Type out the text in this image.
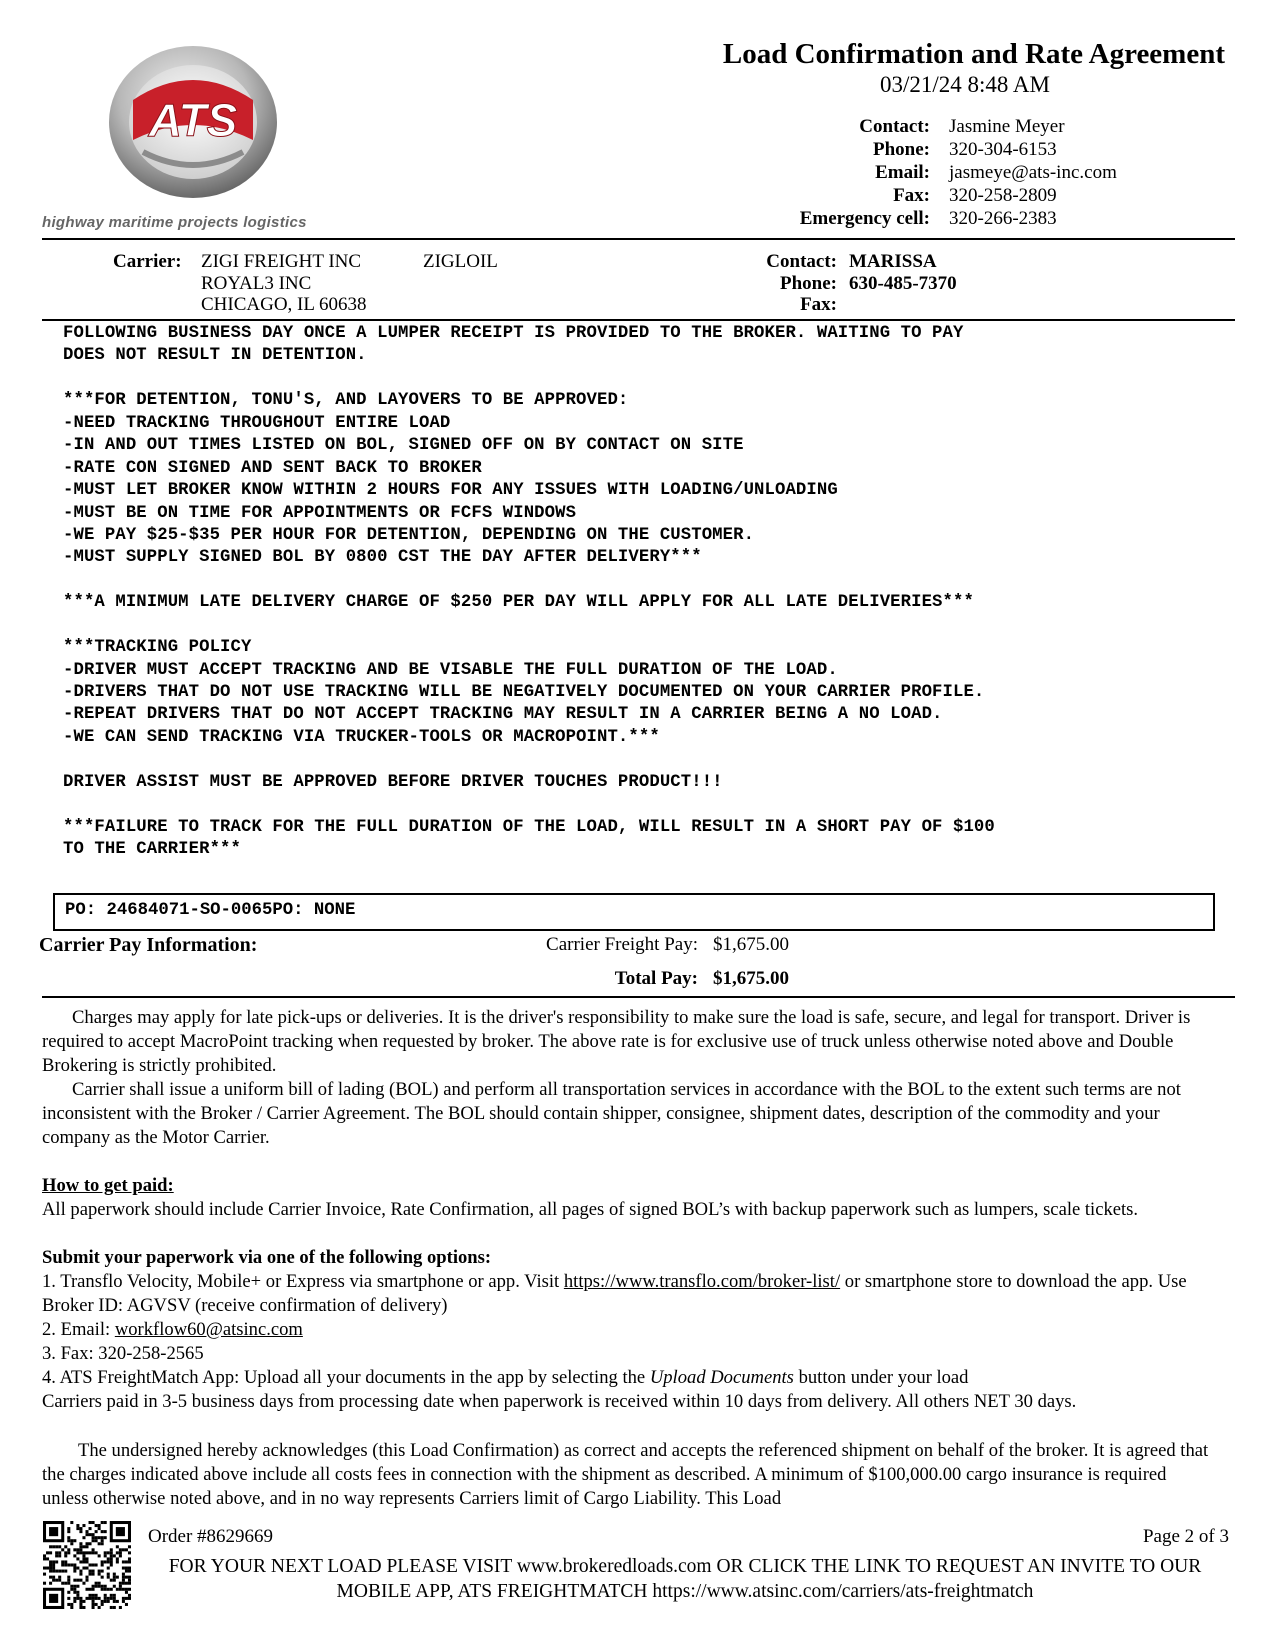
ATS
highway maritime projects logistics
Load Confirmation and Rate Agreement
03/21/24 8:48 AM
Contact: Jasmine Meyer
Phone: 320-304-6153
Email: jasmeye@ats-inc.com
Fax: 320-258-2809
Emergency cell: 320-266-2383
Carrier: ZIGI FREIGHT INC	ZIGLOIL
ROYAL3 INC
CHICAGO, IL 60638
Contact: MARISSA
Phone: 630-485-7370
Fax:
FOLLOWING BUSINESS DAY ONCE A LUMPER RECEIPT IS PROVIDED TO THE BROKER. WAITING TO PAY
DOES NOT RESULT IN DETENTION.

***FOR DETENTION, TONU'S, AND LAYOVERS TO BE APPROVED:
-NEED TRACKING THROUGHOUT ENTIRE LOAD
-IN AND OUT TIMES LISTED ON BOL, SIGNED OFF ON BY CONTACT ON SITE
-RATE CON SIGNED AND SENT BACK TO BROKER
-MUST LET BROKER KNOW WITHIN 2 HOURS FOR ANY ISSUES WITH LOADING/UNLOADING
-MUST BE ON TIME FOR APPOINTMENTS OR FCFS WINDOWS
-WE PAY $25-$35 PER HOUR FOR DETENTION, DEPENDING ON THE CUSTOMER.
-MUST SUPPLY SIGNED BOL BY 0800 CST THE DAY AFTER DELIVERY***

***A MINIMUM LATE DELIVERY CHARGE OF $250 PER DAY WILL APPLY FOR ALL LATE DELIVERIES***

***TRACKING POLICY
-DRIVER MUST ACCEPT TRACKING AND BE VISABLE THE FULL DURATION OF THE LOAD.
-DRIVERS THAT DO NOT USE TRACKING WILL BE NEGATIVELY DOCUMENTED ON YOUR CARRIER PROFILE.
-REPEAT DRIVERS THAT DO NOT ACCEPT TRACKING MAY RESULT IN A CARRIER BEING A NO LOAD.
-WE CAN SEND TRACKING VIA TRUCKER-TOOLS OR MACROPOINT.***

DRIVER ASSIST MUST BE APPROVED BEFORE DRIVER TOUCHES PRODUCT!!!

***FAILURE TO TRACK FOR THE FULL DURATION OF THE LOAD, WILL RESULT IN A SHORT PAY OF $100
TO THE CARRIER***
PO: 24684071-SO-0065PO: NONE
Carrier Pay Information:	Carrier Freight Pay: $1,675.00
Total Pay: $1,675.00
Charges may apply for late pick-ups or deliveries. It is the driver's responsibility to make sure the load is safe, secure, and legal for transport. Driver is required to accept MacroPoint tracking when requested by broker. The above rate is for exclusive use of truck unless otherwise noted above and Double Brokering is strictly prohibited.
Carrier shall issue a uniform bill of lading (BOL) and perform all transportation services in accordance with the BOL to the extent such terms are not inconsistent with the Broker / Carrier Agreement. The BOL should contain shipper, consignee, shipment dates, description of the commodity and your company as the Motor Carrier.
How to get paid:
All paperwork should include Carrier Invoice, Rate Confirmation, all pages of signed BOL’s with backup paperwork such as lumpers, scale tickets.
Submit your paperwork via one of the following options:
1. Transflo Velocity, Mobile+ or Express via smartphone or app. Visit https://www.transflo.com/broker-list/ or smartphone store to download the app. Use Broker ID: AGVSV (receive confirmation of delivery)
2. Email: workflow60@atsinc.com
3. Fax: 320-258-2565
4. ATS FreightMatch App: Upload all your documents in the app by selecting the Upload Documents button under your load
Carriers paid in 3-5 business days from processing date when paperwork is received within 10 days from delivery. All others NET 30 days.
The undersigned hereby acknowledges (this Load Confirmation) as correct and accepts the referenced shipment on behalf of the broker. It is agreed that the charges indicated above include all costs fees in connection with the shipment as described. A minimum of $100,000.00 cargo insurance is required unless otherwise noted above, and in no way represents Carriers limit of Cargo Liability. This Load
Order #8629669	Page 2 of 3
FOR YOUR NEXT LOAD PLEASE VISIT www.brokeredloads.com OR CLICK THE LINK TO REQUEST AN INVITE TO OUR MOBILE APP, ATS FREIGHTMATCH https://www.atsinc.com/carriers/ats-freightmatch
